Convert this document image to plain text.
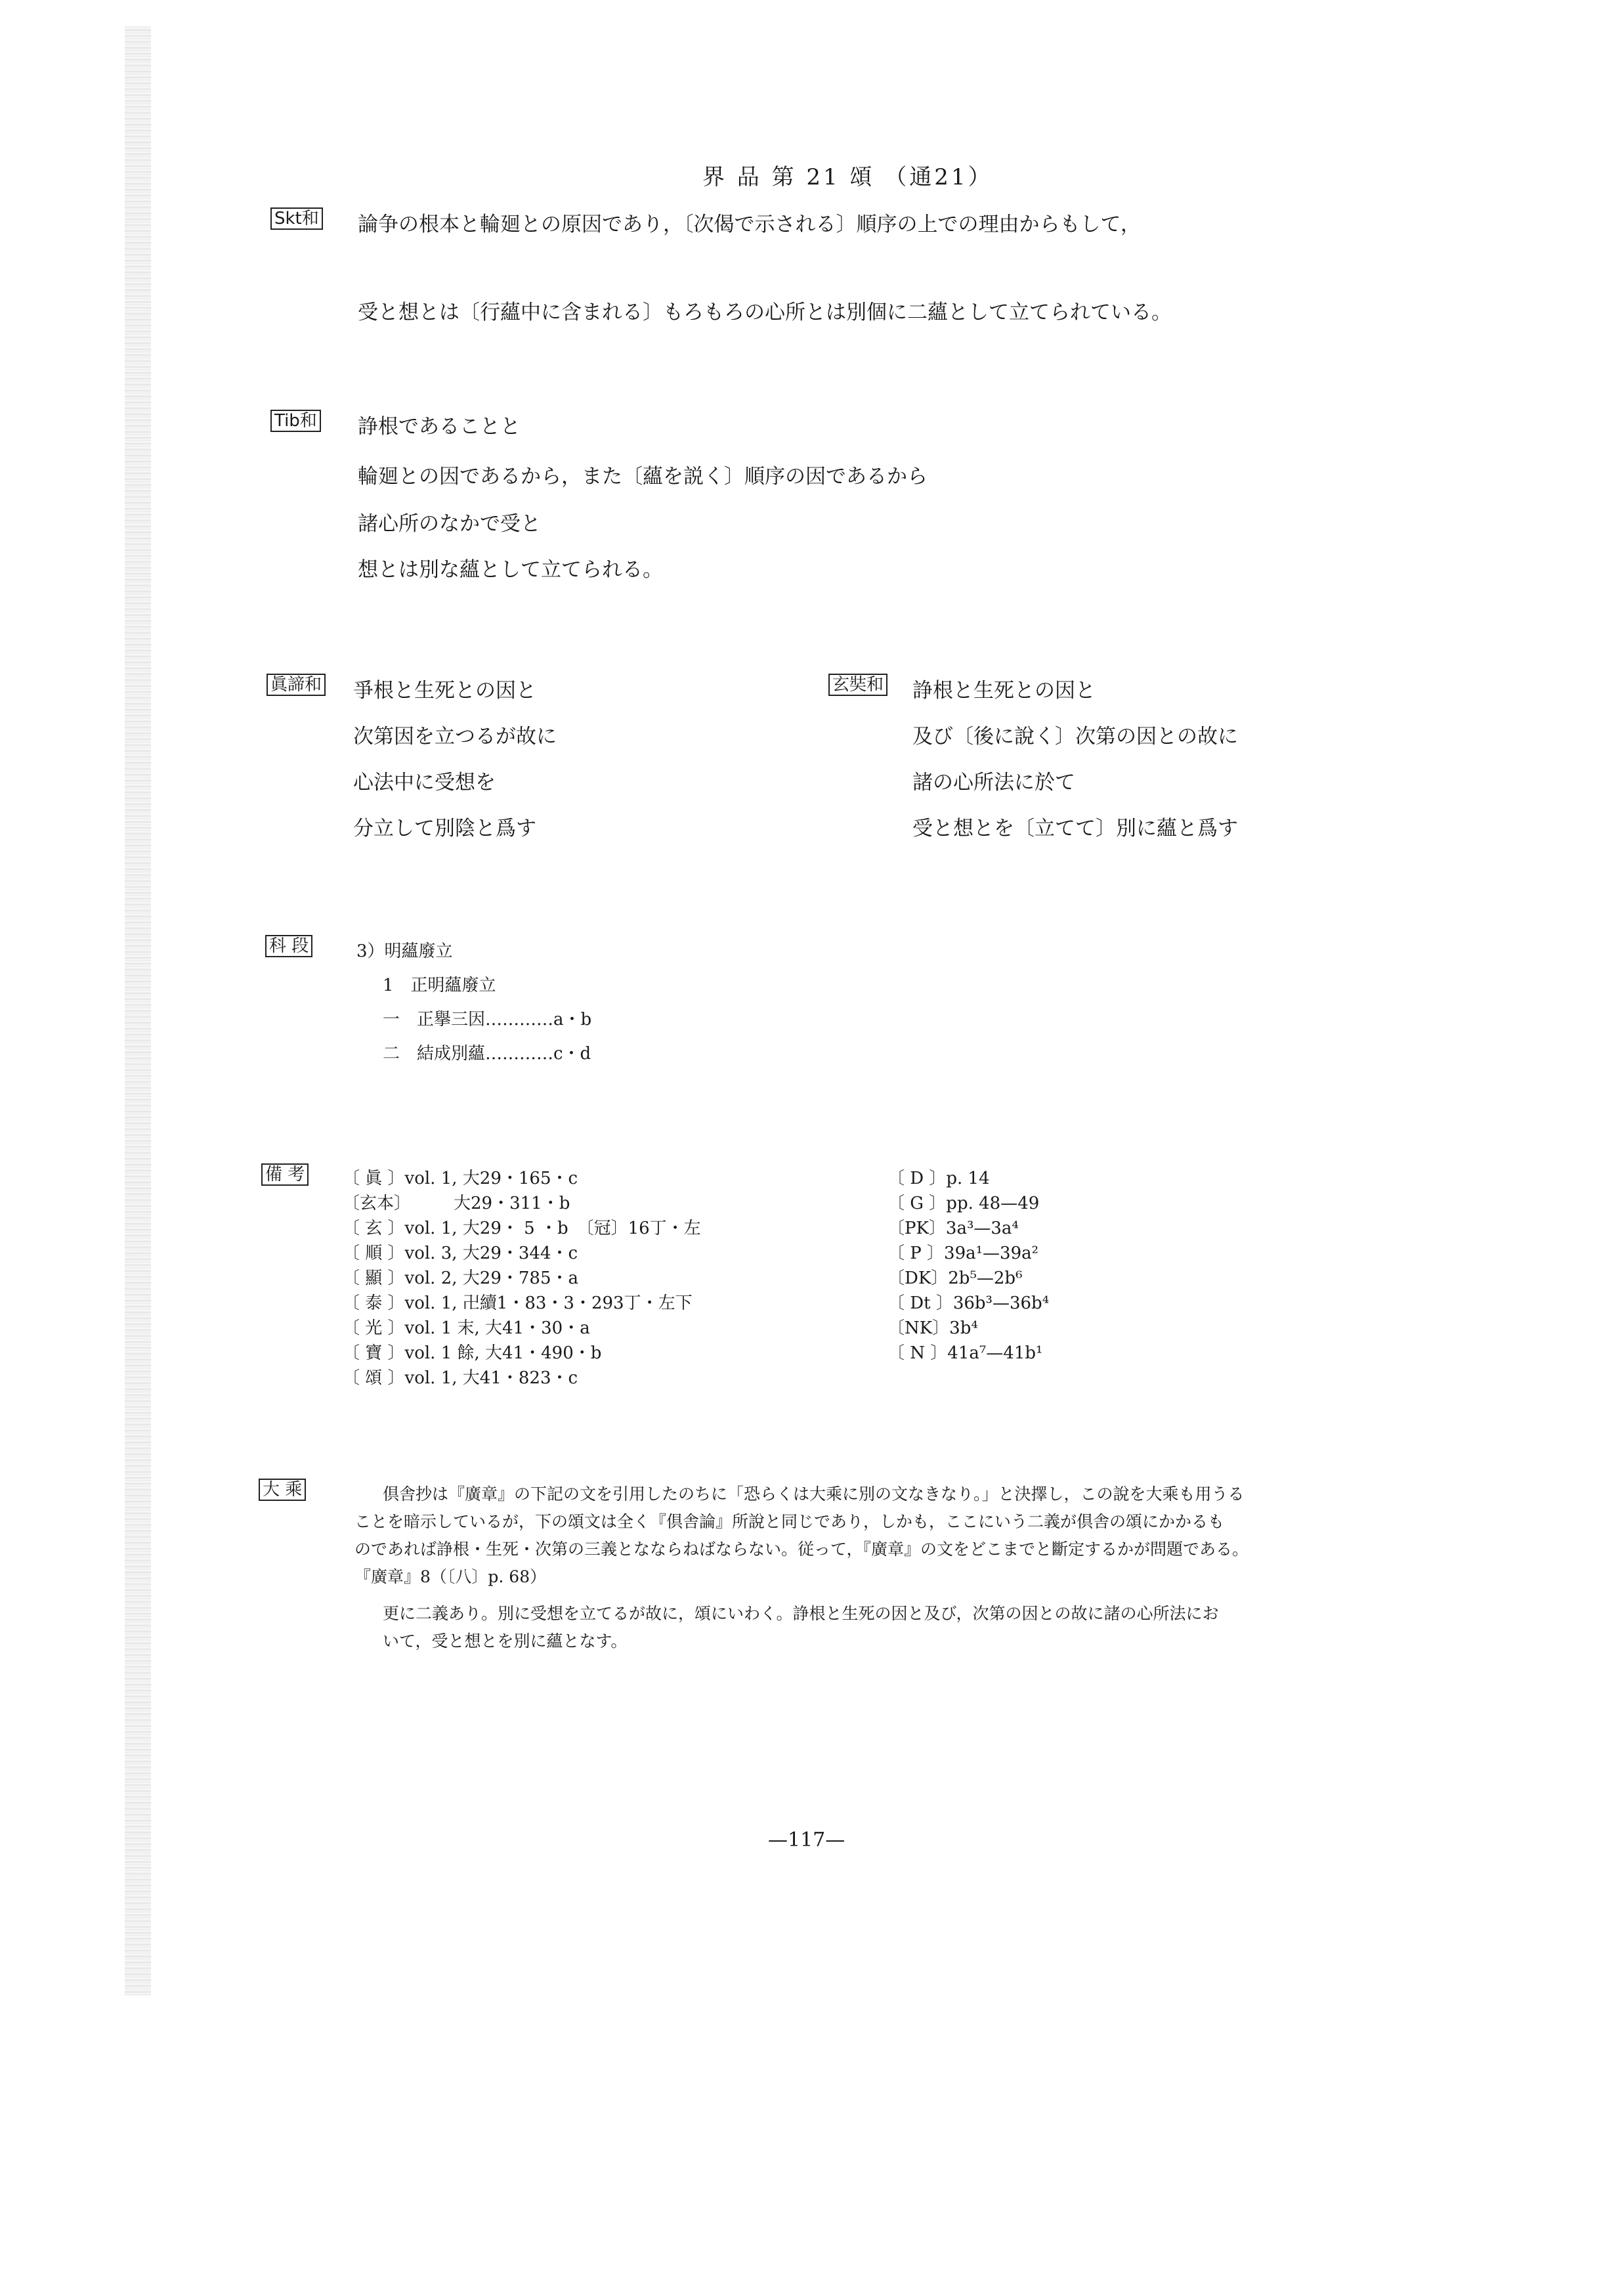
界 品 第 21 頌 （通21）
Skt和 論争の根本と輪廻との原因であり，〔次偈で示される〕順序の上での理由からもして，
受と想とは〔行蘊中に含まれる〕もろもろの心所とは別個に二蘊として立てられている。
Tib和 諍根であることと
輪廻との因であるから，また〔蘊を説く〕順序の因であるから
諸心所のなかで受と
想とは別な蘊として立てられる。
眞諦和 爭根と生死との因と
次第因を立つるが故に
心法中に受想を
分立して別陰と爲す
玄奘和 諍根と生死との因と
及び〔後に說く〕次第の因との故に
諸の心所法に於て
受と想とを〔立てて〕別に蘊と爲す
科 段	3）明蘊廢立
1　正明蘊廢立
一　正擧三因…………a・b
二　結成別蘊…………c・d
備 考 〔 眞 〕vol. 1, 大29・165・c
〔玄本〕　　　大29・311・b
〔 玄 〕vol. 1, 大29・ 5 ・b　〔冠〕16丁・左
〔 順 〕vol. 3, 大29・344・c
〔 顯 〕vol. 2, 大29・785・a
〔 泰 〕vol. 1, 卍續1・83・3・293丁・左下
〔 光 〕vol. 1 末, 大41・30・a
〔 寶 〕vol. 1 餘, 大41・490・b
〔 頌 〕vol. 1, 大41・823・c
〔 D 〕p. 14
〔 G 〕pp. 48—49
〔PK〕3a³—3a⁴
〔 P 〕39a¹—39a²
〔DK〕2b⁵—2b⁶
〔 Dt 〕36b³—36b⁴
〔NK〕3b⁴
〔 N 〕41a⁷—41b¹
大 乘	倶舎抄は『廣章』の下記の文を引用したのちに「恐らくは大乘に別の文なきなり。」と決擇し，この說を大乘も用うる
ことを暗示しているが，下の頌文は全く『倶舎論』所說と同じであり，しかも，ここにいう二義が倶舎の頌にかかるも
のであれば諍根・生死・次第の三義となならねばならない。従って，『廣章』の文をどこまでと斷定するかが問題である。
『廣章』8（〔八〕p. 68）
更に二義あり。別に受想を立てるが故に，頌にいわく。諍根と生死の因と及び，次第の因との故に諸の心所法にお
いて，受と想とを別に蘊となす。
—117—
